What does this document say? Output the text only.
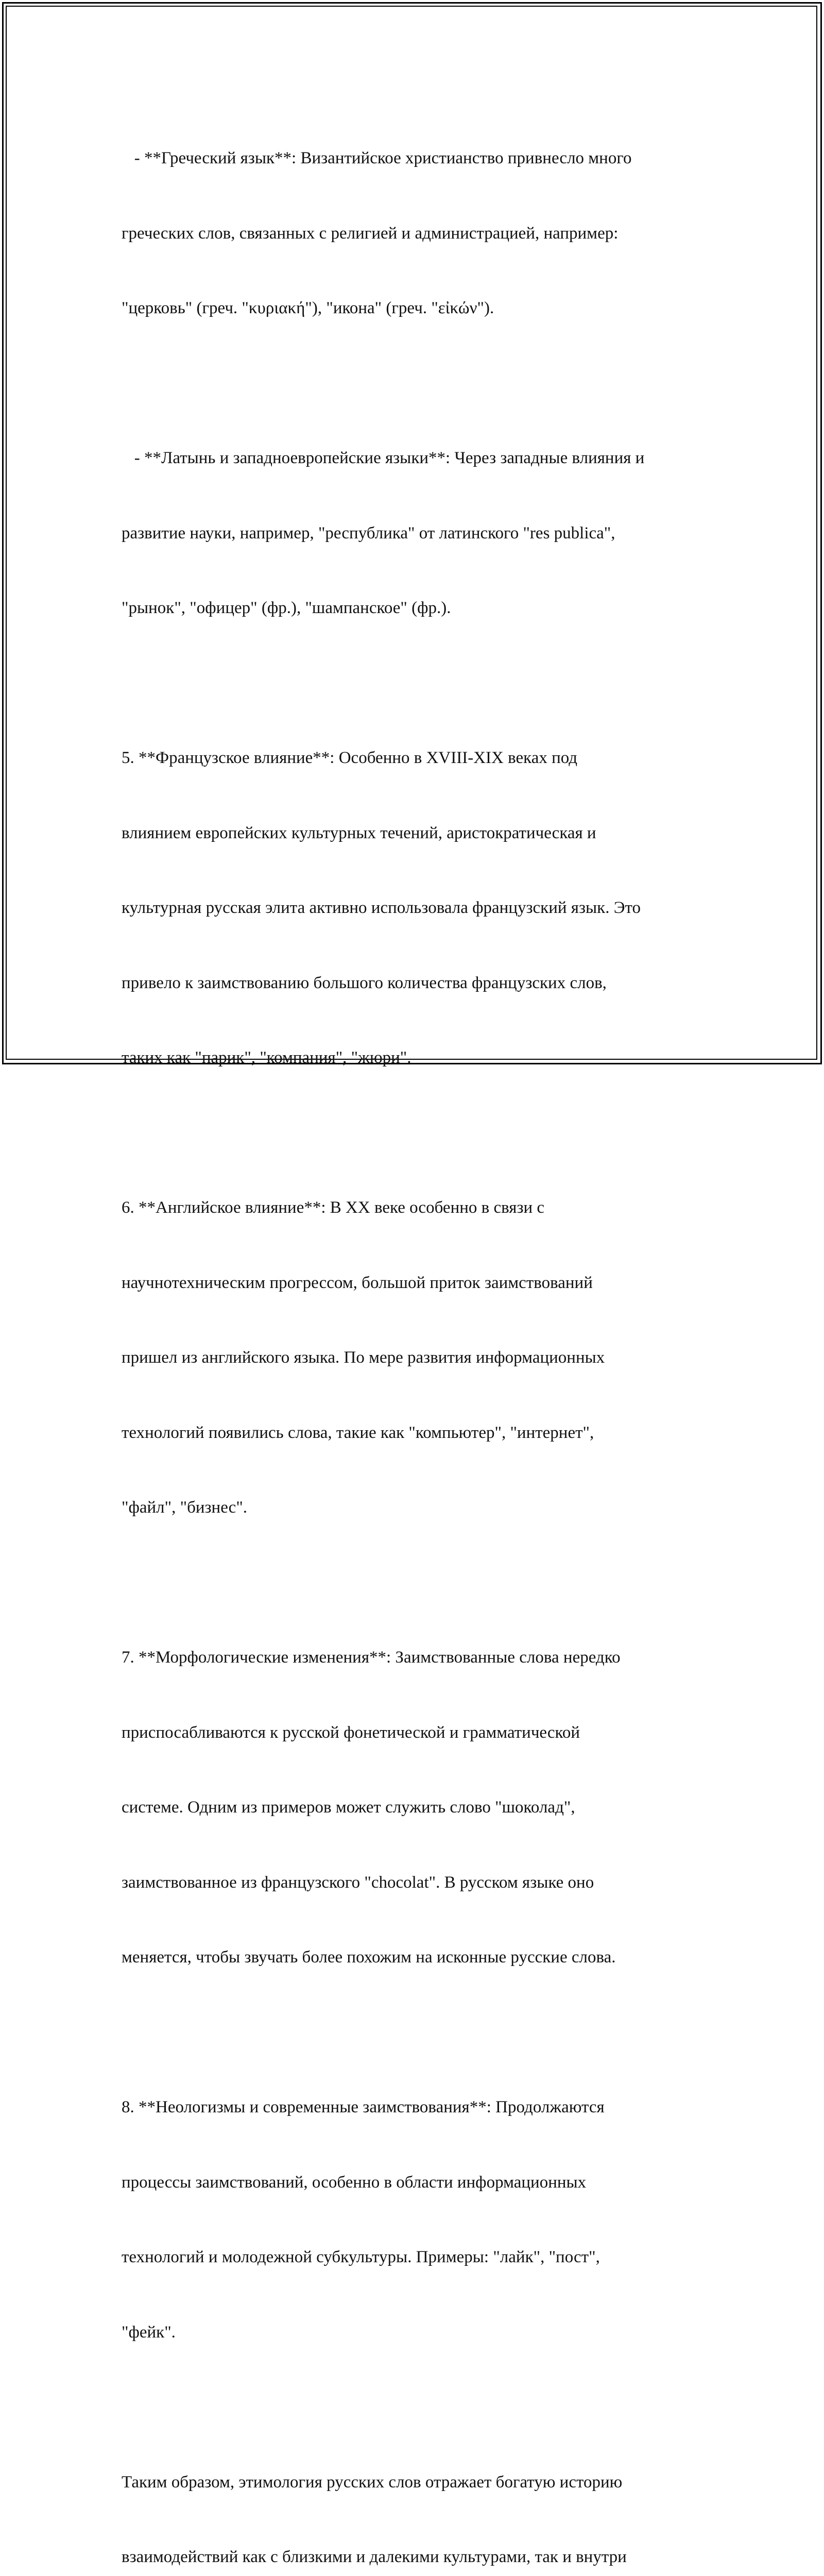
- **Греческий язык**: Византийское христианство привнесло много

греческих слов, связанных с религией и администрацией, например:

"церковь" (греч. "κυριακή"), "икона" (греч. "εἰκών").

- **Латынь и западноевропейские языки**: Через западные влияния и

развитие науки, например, "республика" от латинского "res publica",

"рынок", "офицер" (фр.), "шампанское" (фр.).

5. **Французское влияние**: Особенно в XVIII-XIX веках под

влиянием европейских культурных течений, аристократическая и

культурная русская элита активно использовала французский язык. Это

привело к заимствованию большого количества французских слов,

таких как "парик", "компания", "жюри".

6. **Английское влияние**: В XX веке особенно в связи с

научнотехническим прогрессом, большой приток заимствований

пришел из английского языка. По мере развития информационных

технологий появились слова, такие как "компьютер", "интернет",

"файл", "бизнес".

7. **Морфологические изменения**: Заимствованные слова нередко

приспосабливаются к русской фонетической и грамматической

системе. Одним из примеров может служить слово "шоколад",

заимствованное из французского "chocolat". В русском языке оно

меняется, чтобы звучать более похожим на исконные русские слова.

8. **Неологизмы и современные заимствования**: Продолжаются

процессы заимствований, особенно в области информационных

технологий и молодежной субкультуры. Примеры: "лайк", "пост",

"фейк".

Таким образом, этимология русских слов отражает богатую историю

взаимодействий как с близкими и далекими культурами, так и внутри
